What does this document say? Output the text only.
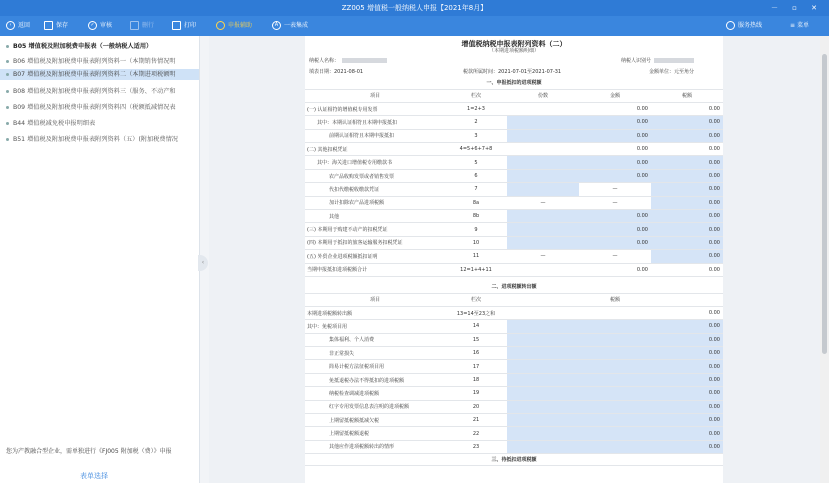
ZZ005 增值税一般纳税人申报【2021年8月】	－ ▫ ✕
‹ 返回	保存	✓ 审核	删行	打印	申报辅助	A 一表集成	服务热线	≡ 菜单
B05 增值税及附加税费申报表（一般纳税人适用）
B06 增值税及附加税费申报表附列资料一（本期销售情况明
B07 增值税及附加税费申报表附列资料二（本期进项税额明
B08 增值税及附加税费申报表附列资料三（服务、不动产和
B09 增值税及附加税费申报表附列资料四（税额抵减情况表
B44 增值税减免税申报明细表
B51 增值税及附加税费申报表附列资料（五）(附加税费情况
您为产教融合型企业，需单独进行《FJ005 附加税（费）》申报
表单选择
‹
增值税纳税申报表附列资料（二）
（本期进项税额明细）
纳税人名称：	纳税人识别号
填表日期：2021-08-01	税款所属时间：2021-07-01至2021-07-31	金额单位：元至角分
一、申报抵扣的进项税额				
项目	栏次	份数	金额	税额
(一) 认证相符的增值税专用发票	1=2+3		0.00	0.00
其中：本期认证相符且本期申报抵扣	2		0.00	0.00
前期认证相符且本期申报抵扣	3		0.00	0.00
(二) 其他扣税凭证	4=5+6+7+8		0.00	0.00
其中：海关进口增值税专用缴款书	5		0.00	0.00
农产品收购发票或者销售发票	6		0.00	0.00
代扣代缴税收缴款凭证	7		—	0.00
加计扣除农产品进项税额	8a	—	—	0.00
其他	8b		0.00	0.00
(三) 本期用于购建不动产的扣税凭证	9		0.00	0.00
(四) 本期用于抵扣的旅客运输服务扣税凭证	10		0.00	0.00
(五) 外贸企业进项税额抵扣证明	11	—	—	0.00
当期申报抵扣进项税额合计	12=1+4+11		0.00	0.00
二、进项税额转出额		
项目	栏次	税额
本期进项税额转出额	13=14至23之和	0.00
其中：免税项目用	14	0.00
集体福利、个人消费	15	0.00
非正常损失	16	0.00
简易计税方法征税项目用	17	0.00
免抵退税办法不得抵扣的进项税额	18	0.00
纳税检查调减进项税额	19	0.00
红字专用发票信息表注明的进项税额	20	0.00
上期留抵税额抵减欠税	21	0.00
上期留抵税额退税	22	0.00
其他应作进项税额转出的情形	23	0.00
三、待抵扣进项税额		
